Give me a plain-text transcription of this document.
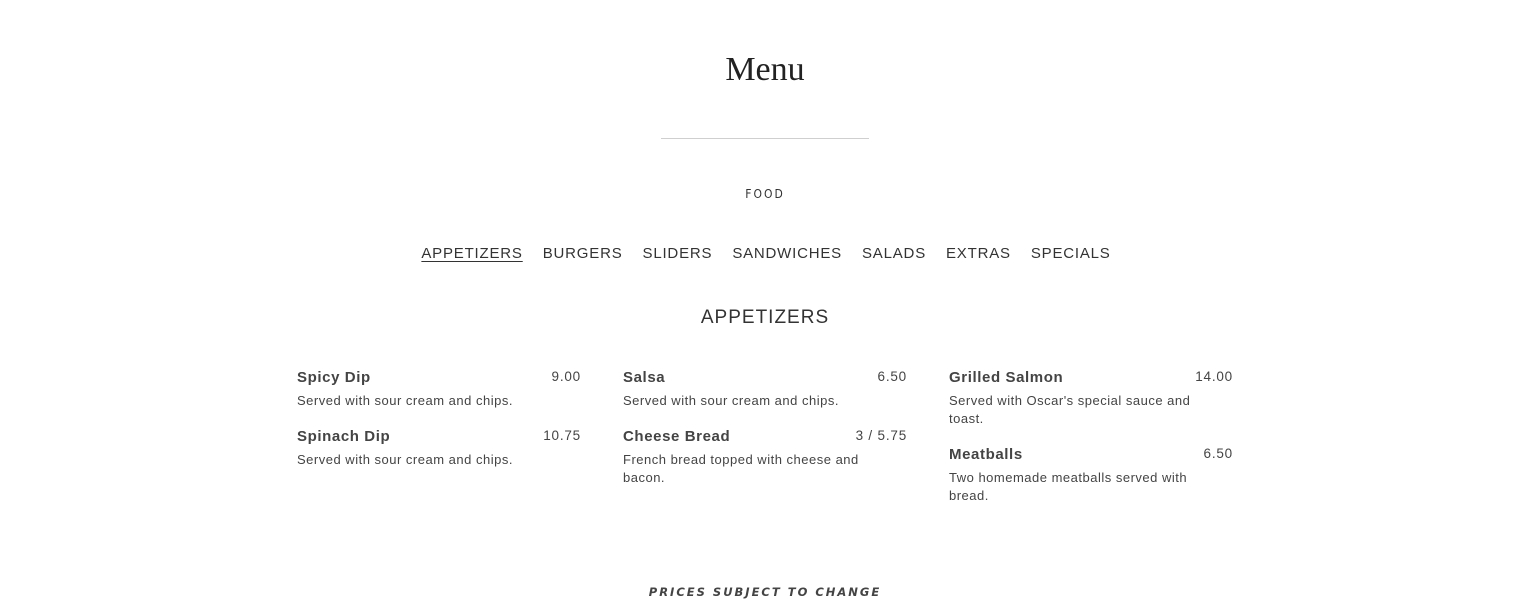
Menu
FOOD
APPETIZERS BURGERS SLIDERS SANDWICHES SALADS EXTRAS SPECIALS
APPETIZERS
Spicy Dip	9.00
Served with sour cream and chips.
Spinach Dip	10.75
Served with sour cream and chips.
Salsa	6.50
Served with sour cream and chips.
Cheese Bread	3 / 5.75
French bread topped with cheese and bacon.
Grilled Salmon	14.00
Served with Oscar's special sauce and toast.
Meatballs	6.50
Two homemade meatballs served with bread.
PRICES SUBJECT TO CHANGE
